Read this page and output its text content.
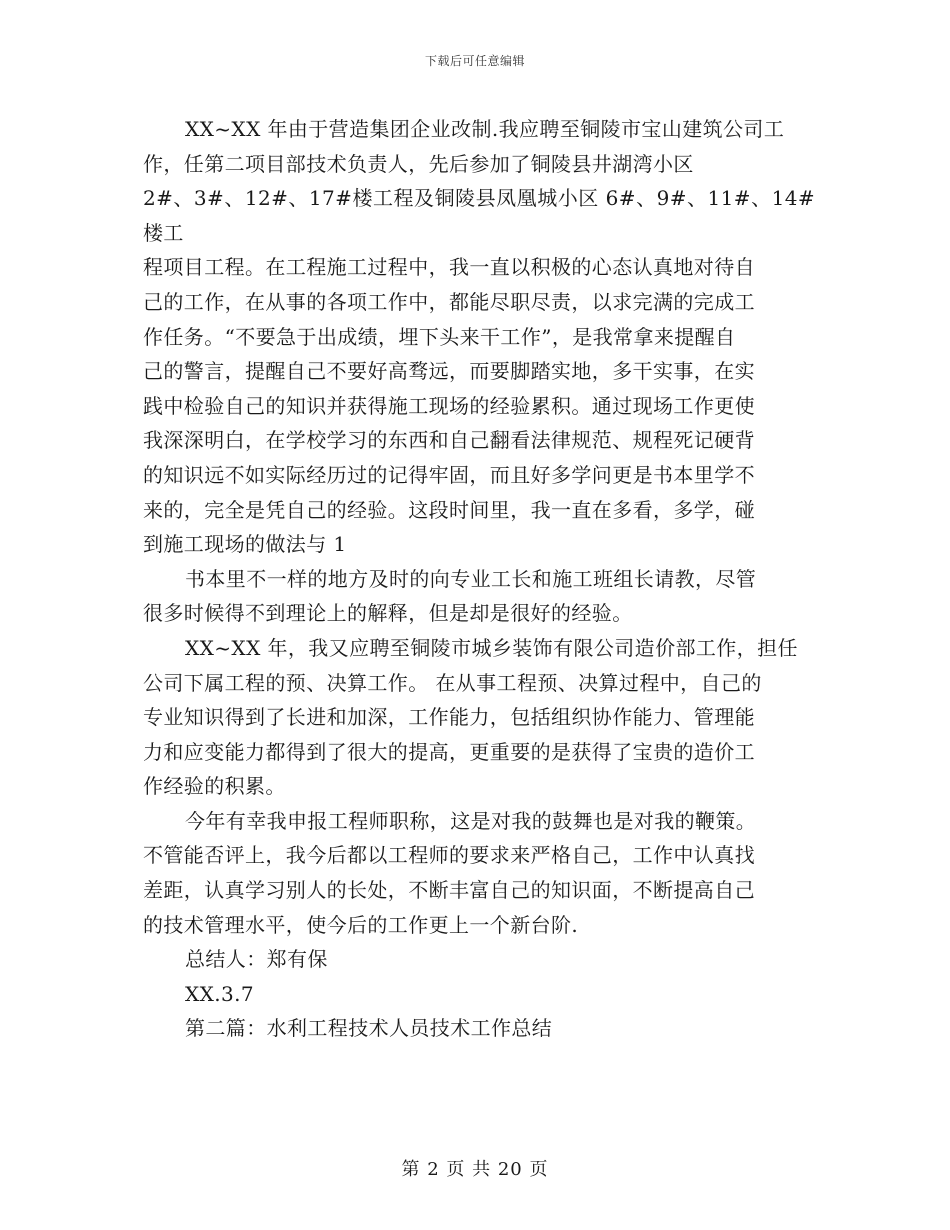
下载后可任意编辑

XX~XX 年由于营造集团企业改制.我应聘至铜陵市宝山建筑公司工
作，任第二项目部技术负责人，先后参加了铜陵县井湖湾小区
2#、3#、12#、17#楼工程及铜陵县凤凰城小区 6#、9#、11#、14#楼工
程项目工程。在工程施工过程中，我一直以积极的心态认真地对待自
己的工作，在从事的各项工作中，都能尽职尽责，以求完满的完成工
作任务。“不要急于出成绩，埋下头来干工作”，是我常拿来提醒自
己的警言，提醒自己不要好高骛远，而要脚踏实地，多干实事，在实
践中检验自己的知识并获得施工现场的经验累积。通过现场工作更使
我深深明白，在学校学习的东西和自己翻看法律规范、规程死记硬背
的知识远不如实际经历过的记得牢固，而且好多学问更是书本里学不
来的，完全是凭自己的经验。这段时间里，我一直在多看，多学，碰
到施工现场的做法与 1

书本里不一样的地方及时的向专业工长和施工班组长请教，尽管
很多时候得不到理论上的解释，但是却是很好的经验。

XX~XX 年，我又应聘至铜陵市城乡装饰有限公司造价部工作，担任
公司下属工程的预、决算工作。 在从事工程预、决算过程中，自己的
专业知识得到了长进和加深，工作能力，包括组织协作能力、管理能
力和应变能力都得到了很大的提高，更重要的是获得了宝贵的造价工
作经验的积累。

今年有幸我申报工程师职称，这是对我的鼓舞也是对我的鞭策。
不管能否评上，我今后都以工程师的要求来严格自己，工作中认真找
差距，认真学习别人的长处，不断丰富自己的知识面，不断提高自己
的技术管理水平，使今后的工作更上一个新台阶.

总结人：郑有保

XX.3.7

第二篇：水利工程技术人员技术工作总结

第 2 页 共 20 页
